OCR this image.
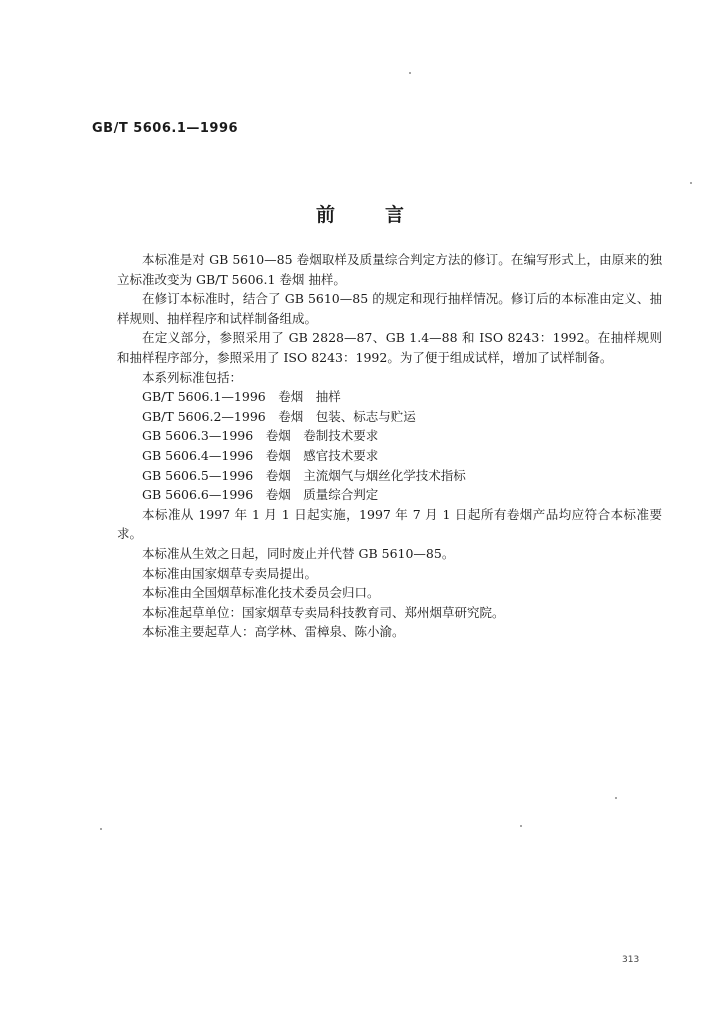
GB/T 5606.1—1996
前	言

本标准是对 GB 5610—85 卷烟取样及质量综合判定方法的修订。在编写形式上，由原来的独立标准改变为 GB/T 5606.1 卷烟 抽样。

在修订本标准时，结合了 GB 5610—85 的规定和现行抽样情况。修订后的本标准由定义、抽样规则、抽样程序和试样制备组成。

在定义部分，参照采用了 GB 2828—87、GB 1.4—88 和 ISO 8243：1992。在抽样规则和抽样程序部分，参照采用了 ISO 8243：1992。为了便于组成试样，增加了试样制备。

本系列标准包括：

GB/T 5606.1—1996　卷烟　抽样

GB/T 5606.2—1996　卷烟　包装、标志与贮运

GB 5606.3—1996　卷烟　卷制技术要求

GB 5606.4—1996　卷烟　感官技术要求

GB 5606.5—1996　卷烟　主流烟气与烟丝化学技术指标

GB 5606.6—1996　卷烟　质量综合判定

本标准从 1997 年 1 月 1 日起实施，1997 年 7 月 1 日起所有卷烟产品均应符合本标准要求。

本标准从生效之日起，同时废止并代替 GB 5610—85。

本标准由国家烟草专卖局提出。

本标准由全国烟草标准化技术委员会归口。

本标准起草单位：国家烟草专卖局科技教育司、郑州烟草研究院。

本标准主要起草人：高学林、雷樟泉、陈小渝。

313
